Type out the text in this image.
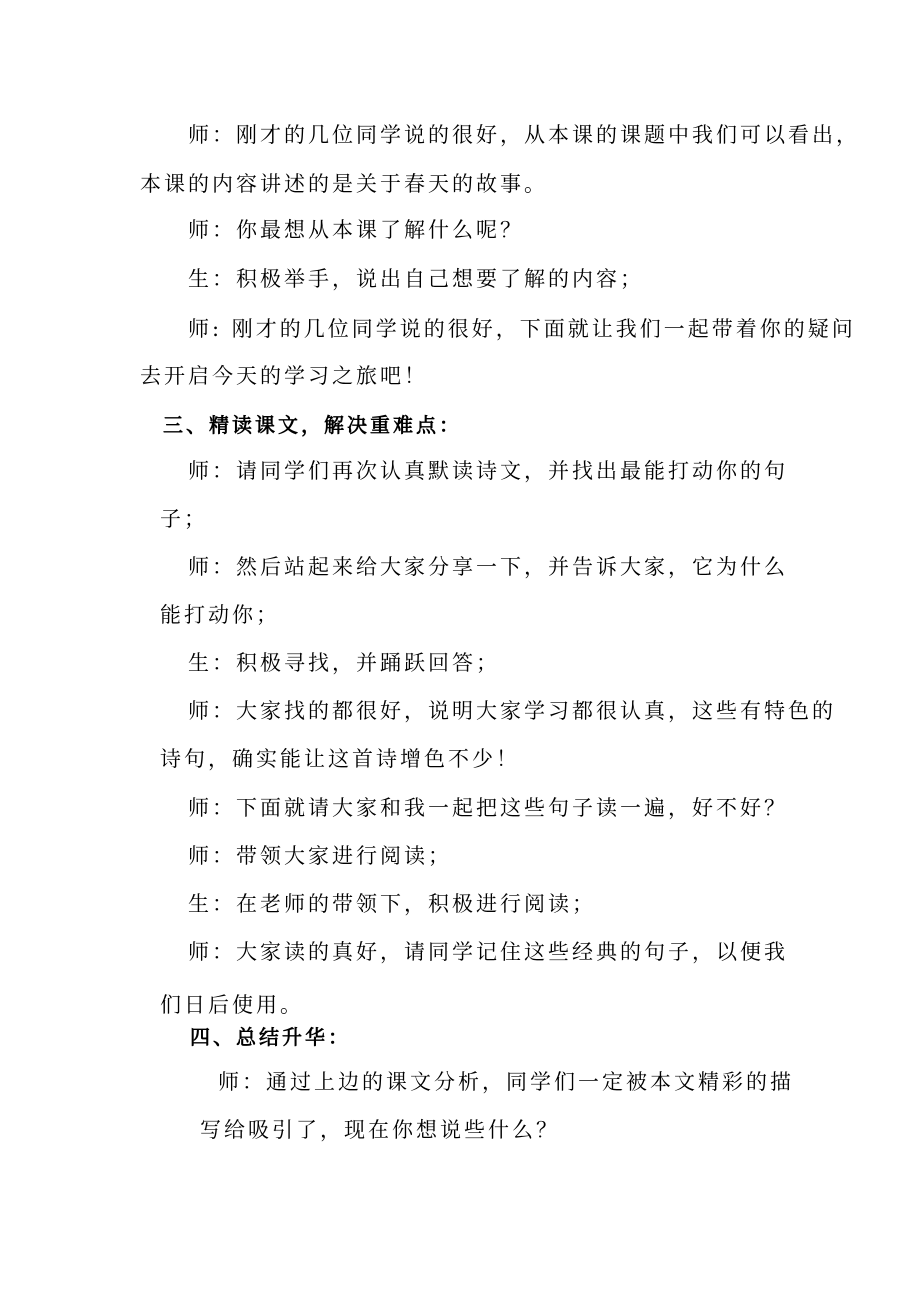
师：刚才的几位同学说的很好，从本课的课题中我们可以看出，
本课的内容讲述的是关于春天的故事。
师：你最想从本课了解什么呢？
生：积极举手，说出自己想要了解的内容；
师: 刚才的几位同学说的很好，下面就让我们一起带着你的疑问
去开启今天的学习之旅吧！
三、精读课文，解决重难点：
师：请同学们再次认真默读诗文，并找出最能打动你的句
子；
师：然后站起来给大家分享一下，并告诉大家，它为什么
能打动你；
生：积极寻找，并踊跃回答；
师：大家找的都很好，说明大家学习都很认真，这些有特色的
诗句，确实能让这首诗增色不少！
师：下面就请大家和我一起把这些句子读一遍，好不好？
师：带领大家进行阅读；
生：在老师的带领下，积极进行阅读；
师：大家读的真好，请同学记住这些经典的句子，以便我
们日后使用。
四、总结升华：
师：通过上边的课文分析，同学们一定被本文精彩的描
写给吸引了，现在你想说些什么？
